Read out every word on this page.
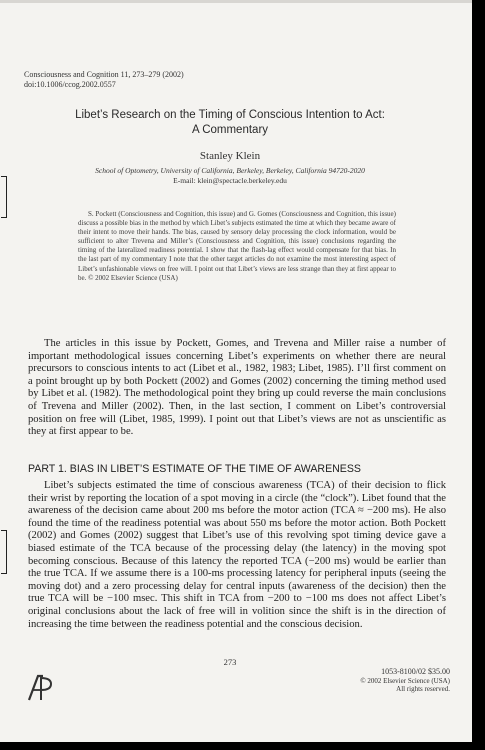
Consciousness and Cognition 11, 273–279 (2002)
doi:10.1006/ccog.2002.0557
Libet’s Research on the Timing of Conscious Intention to Act:
A Commentary
Stanley Klein
School of Optometry, University of California, Berkeley, Berkeley, California 94720-2020
E-mail: klein@spectacle.berkeley.edu
S. Pockett (Consciousness and Cognition, this issue) and G. Gomes (Consciousness and Cognition, this issue) discuss a possible bias in the method by which Libet’s subjects estimated the time at which they became aware of their intent to move their hands. The bias, caused by sensory delay processing the clock information, would be sufficient to alter Trevena and Miller’s (Consciousness and Cognition, this issue) conclusions regarding the timing of the lateralized readiness potential. I show that the flash-lag effect would compensate for that bias. In the last part of my commentary I note that the other target articles do not examine the most interesting aspect of Libet’s unfashionable views on free will. I point out that Libet’s views are less strange than they at first appear to be. © 2002 Elsevier Science (USA)
The articles in this issue by Pockett, Gomes, and Trevena and Miller raise a number of important methodological issues concerning Libet’s experiments on whether there are neural precursors to conscious intents to act (Libet et al., 1982, 1983; Libet, 1985). I’ll first comment on a point brought up by both Pockett (2002) and Gomes (2002) concerning the timing method used by Libet et al. (1982). The methodological point they bring up could reverse the main conclusions of Trevena and Miller (2002). Then, in the last section, I comment on Libet’s controversial position on free will (Libet, 1985, 1999). I point out that Libet’s views are not as unscientific as they at first appear to be.
PART 1. BIAS IN LIBET’S ESTIMATE OF THE TIME OF AWARENESS
Libet’s subjects estimated the time of conscious awareness (TCA) of their decision to flick their wrist by reporting the location of a spot moving in a circle (the “clock”). Libet found that the awareness of the decision came about 200 ms before the motor action (TCA ≈ −200 ms). He also found the time of the readiness potential was about 550 ms before the motor action. Both Pockett (2002) and Gomes (2002) suggest that Libet’s use of this revolving spot timing device gave a biased estimate of the TCA because of the processing delay (the latency) in the moving spot becoming conscious. Because of this latency the reported TCA (−200 ms) would be earlier than the true TCA. If we assume there is a 100-ms processing latency for peripheral inputs (seeing the moving dot) and a zero processing delay for central inputs (awareness of the decision) then the true TCA will be −100 msec. This shift in TCA from −200 to −100 ms does not affect Libet’s original conclusions about the lack of free will in volition since the shift is in the direction of increasing the time between the readiness potential and the conscious decision.
273
1053-8100/02 $35.00
© 2002 Elsevier Science (USA)
All rights reserved.
